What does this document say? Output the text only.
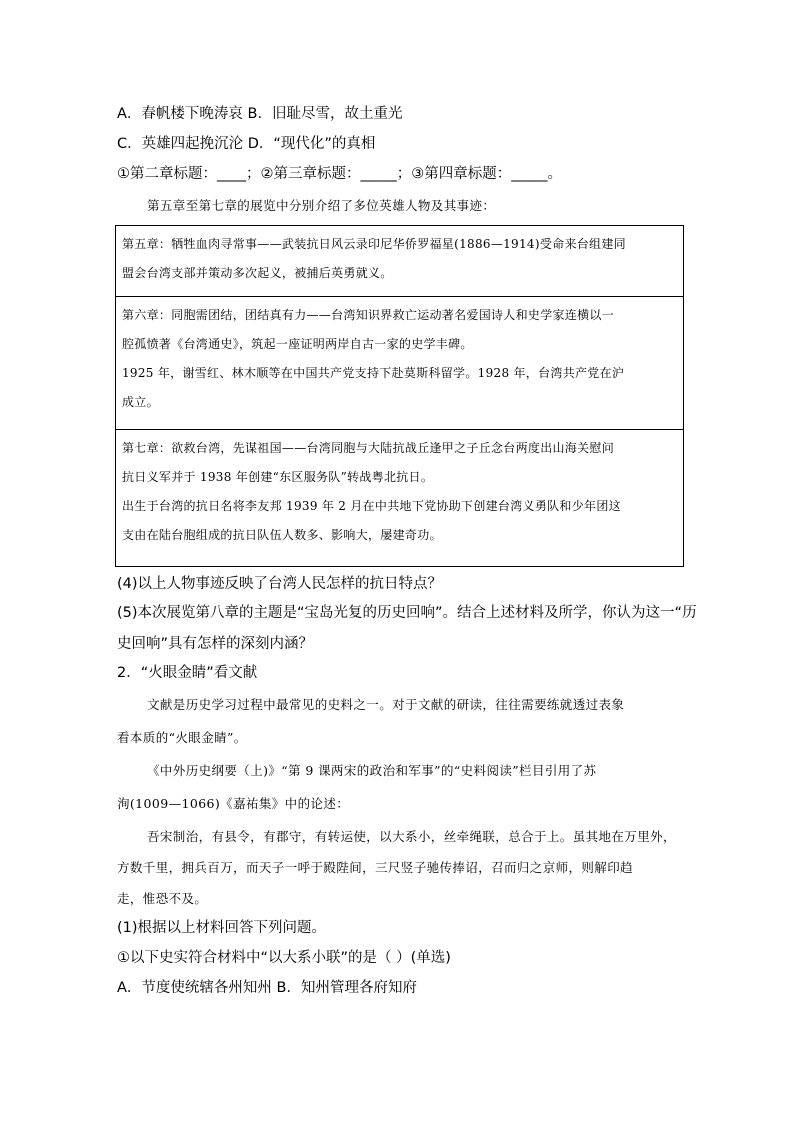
A．春帆楼下晚涛哀 B．旧耻尽雪，故土重光
C．英雄四起挽沉沦 D．“现代化”的真相
①第二章标题：____；②第三章标题：_____；③第四章标题：_____。
第五章至第七章的展览中分别介绍了多位英雄人物及其事迹：

第五章：牺牲血肉寻常事——武装抗日风云录印尼华侨罗福星(1886—1914)受命来台组建同

盟会台湾支部并策动多次起义，被捕后英勇就义。

第六章：同胞需团结，团结真有力——台湾知识界救亡运动著名爱国诗人和史学家连横以一

腔孤愤著《台湾通史》，筑起一座证明两岸自古一家的史学丰碑。

1925 年，谢雪红、林木顺等在中国共产党支持下赴莫斯科留学。1928 年，台湾共产党在沪

成立。

第七章：欲救台湾，先谋祖国——台湾同胞与大陆抗战丘逢甲之子丘念台两度出山海关慰问

抗日义军并于 1938 年创建“东区服务队”转战粤北抗日。

出生于台湾的抗日名将李友邦 1939 年 2 月在中共地下党协助下创建台湾义勇队和少年团这

支由在陆台胞组成的抗日队伍人数多、影响大，屡建奇功。

(4)以上人物事迹反映了台湾人民怎样的抗日特点？
(5)本次展览第八章的主题是“宝岛光复的历史回响”。结合上述材料及所学，你认为这一“历
史回响”具有怎样的深刻内涵？
2．“火眼金睛”看文献
文献是历史学习过程中最常见的史料之一。对于文献的研读，往往需要练就透过表象
看本质的“火眼金睛”。
《中外历史纲要（上)》“第 9 课两宋的政治和军事”的“史料阅读”栏目引用了苏
洵(1009—1066)《嘉祐集》中的论述：
吾宋制治，有县令，有郡守，有转运使，以大系小，丝牵绳联，总合于上。虽其地在万里外，
方数千里，拥兵百万，而天子一呼于殿陛间，三尺竖子驰传捧诏，召而归之京师，则解印趋
走，惟恐不及。
(1)根据以上材料回答下列问题。
①以下史实符合材料中“以大系小联”的是（ ）(单选)
A．节度使统辖各州知州 B．知州管理各府知府
